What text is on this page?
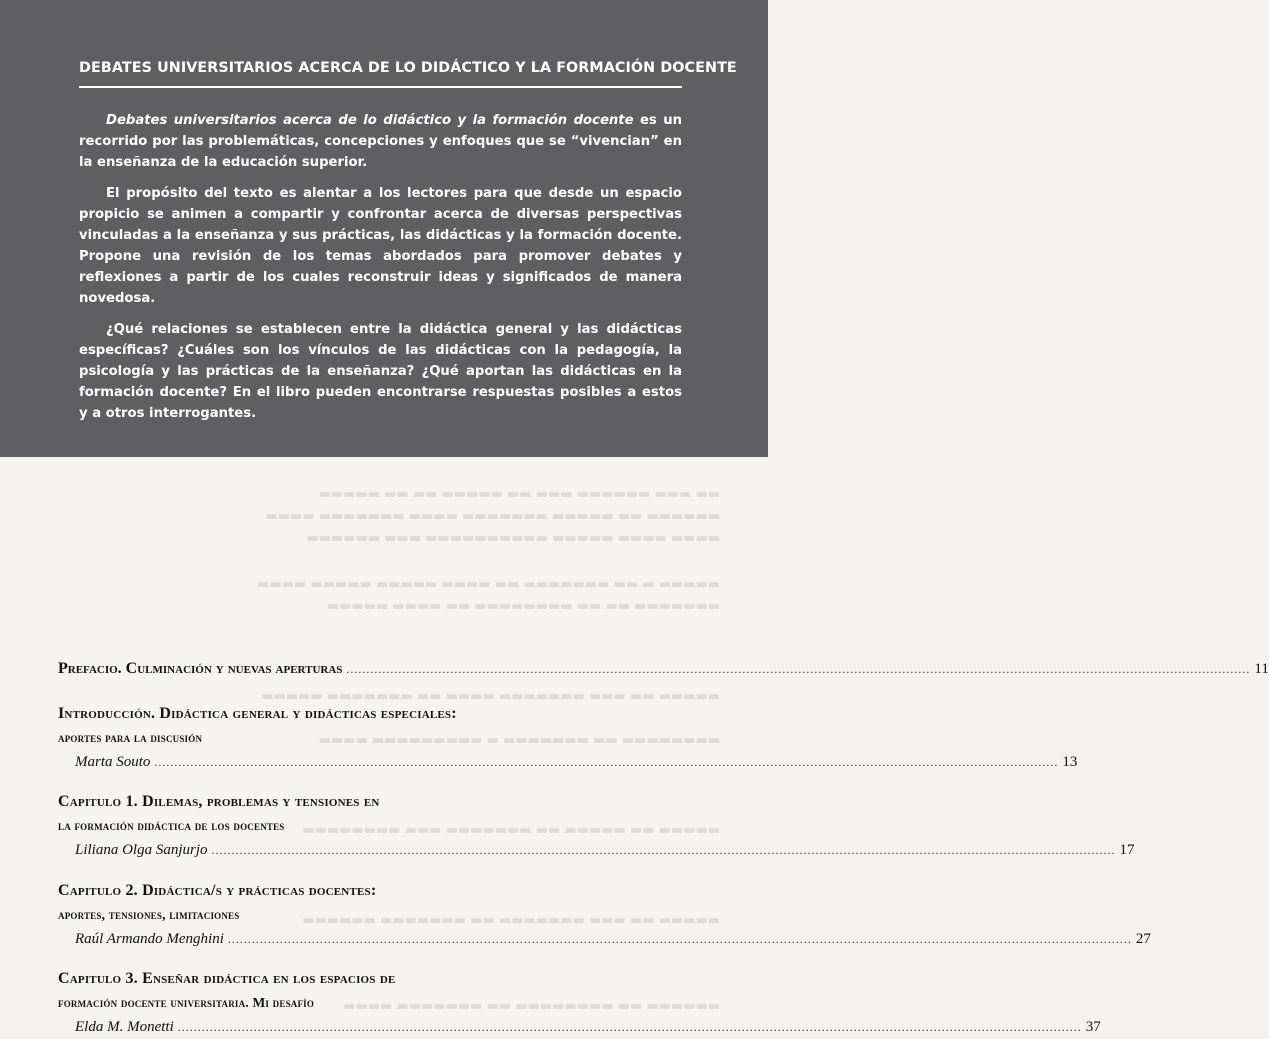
DEBATES UNIVERSITARIOS ACERCA DE LO DIDÁCTICO Y LA FORMACIÓN DOCENTE

Debates universitarios acerca de lo didáctico y la formación docente es un recorrido por las problemáticas, concepciones y enfoques que se “vivencian” en la enseñanza de la educación superior.

El propósito del texto es alentar a los lectores para que desde un espacio propicio se animen a compartir y confrontar acerca de diversas perspectivas vinculadas a la enseñanza y sus prácticas, las didácticas y la formación docente. Propone una revisión de los temas abordados para promover debates y reflexiones a partir de los cuales reconstruir ideas y significados de manera novedosa.

¿Qué relaciones se establecen entre la didáctica general y las didácticas específicas? ¿Cuáles son los vínculos de las didácticas con la pedagogía, la psicología y las prácticas de la enseñanza? ¿Qué aportan las didácticas en la formación docente? En el libro pueden encontrarse respuestas posibles a estos y a otros interrogantes.

▬▬ ▬▬▬ ▬▬▬▬▬▬ ▬▬▬ ▬▬ ▬▬▬▬▬ ▬▬ ▬▬ ▬▬▬▬▬
▬▬▬▬▬▬ ▬▬ ▬▬▬▬▬ ▬▬▬▬▬▬▬ ▬▬▬▬ ▬▬▬▬▬▬▬ ▬▬▬▬
▬▬▬▬ ▬▬▬▬ ▬▬▬▬▬ ▬▬▬▬▬▬▬▬▬▬ ▬▬▬ ▬▬▬▬▬▬
▬▬▬▬▬ ▬ ▬▬ ▬▬▬▬▬▬▬ ▬▬ ▬▬▬▬ ▬▬▬▬▬ ▬▬▬▬▬ ▬▬▬▬
▬▬▬▬▬▬▬ ▬▬ ▬▬ ▬▬▬▬▬▬▬▬ ▬▬ ▬▬▬▬ ▬▬▬▬▬
▬▬▬▬▬ ▬▬ ▬▬▬ ▬▬▬▬▬▬▬ ▬▬▬▬ ▬▬ ▬▬▬▬▬▬▬ ▬▬▬▬▬
▬▬▬▬▬▬▬▬ ▬▬ ▬▬▬▬▬▬▬ ▬ ▬▬▬▬▬▬▬▬▬ ▬▬▬▬
▬▬▬▬▬ ▬▬ ▬▬▬▬▬ ▬▬ ▬▬▬▬▬▬▬ ▬▬▬ ▬▬▬▬▬▬▬▬
▬▬▬▬▬ ▬▬ ▬▬▬ ▬▬▬▬▬▬▬ ▬▬ ▬▬▬▬▬▬▬ ▬▬▬▬▬▬
▬▬▬▬▬▬ ▬▬ ▬▬▬▬▬▬▬▬ ▬▬ ▬▬▬▬▬▬▬ ▬▬▬▬
Prefacio. Culminación y nuevas aperturas .....	11
Introducción. Didáctica general y didácticas especiales:
aportes para la discusión
Marta Souto .....	13
Capitulo 1. Dilemas, problemas y tensiones en
la formación didáctica de los docentes
Liliana Olga Sanjurjo .....	17
Capitulo 2. Didáctica/s y prácticas docentes:
aportes, tensiones, limitaciones
Raúl Armando Menghini .....	27
Capitulo 3. Enseñar didáctica en los espacios de
formación docente universitaria. Mi desafío
Elda M. Monetti .....	37
